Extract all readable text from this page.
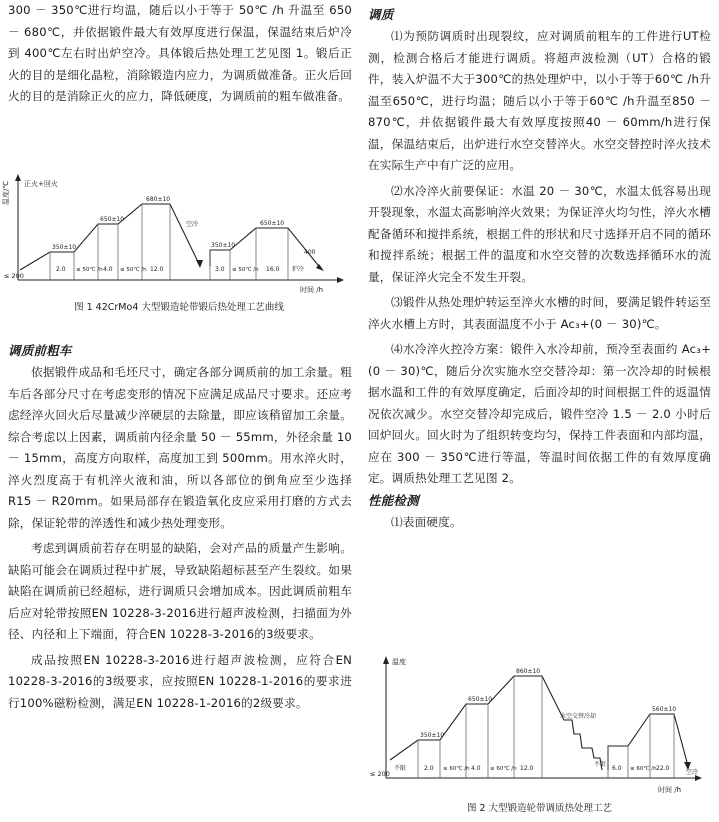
300 － 350℃进行均温，随后以小于等于 50℃ /h 升温至 650 － 680℃，并依据锻件最大有效厚度进行保温，保温结束后炉冷到 400℃左右时出炉空冷。具体锻后热处理工艺见图 1。锻后正火的目的是细化晶粒，消除锻造内应力，为调质做准备。正火后回火的目的是消除正火的应力，降低硬度，为调质前的粗车做准备。

温度/℃ 正火+回火
时间 /h
≤ 200
350±10
650±10
680±10
350±10
650±10
400
空冷
2.0 ≤ 50℃ /h 4.0 ≤ 50℃ /h 12.0	3.0 ≤ 50℃ /h 16.0 炉冷
图 1 42CrMo4 大型锻造轮带锻后热处理工艺曲线

调质前粗车

依据锻件成品和毛坯尺寸，确定各部分调质前的加工余量。粗车后各部分尺寸在考虑变形的情况下应满足成品尺寸要求。还应考虑经淬火回火后尽量减少淬硬层的去除量，即应该稍留加工余量。综合考虑以上因素，调质前内径余量 50 － 55mm，外径余量 10 － 15mm，高度方向取样，高度加工到 500mm。用水淬火时，淬火烈度高于有机淬火液和油，所以各部位的倒角应至少选择 R15 － R20mm。如果局部存在锻造氧化皮应采用打磨的方式去除，保证轮带的淬透性和减少热处理变形。

考虑到调质前若存在明显的缺陷，会对产品的质量产生影响。缺陷可能会在调质过程中扩展，导致缺陷超标甚至产生裂纹。如果缺陷在调质前已经超标，进行调质只会增加成本。因此调质前粗车后应对轮带按照EN 10228-3-2016进行超声波检测，扫描面为外径、内径和上下端面，符合EN 10228-3-2016的3级要求。

成品按照EN 10228-3-2016进行超声波检测，应符合EN 10228-3-2016的3级要求，应按照EN 10228-1-2016的要求进行100%磁粉检测，满足EN 10228-1-2016的2级要求。

调质

⑴为预防调质时出现裂纹，应对调质前粗车的工件进行UT检测，检测合格后才能进行调质。将超声波检测（UT）合格的锻件，装入炉温不大于300℃的热处理炉中，以小于等于60℃ /h升温至650℃，进行均温；随后以小于等于60℃ /h升温至850 － 870℃，并依据锻件最大有效厚度按照40 － 60mm/h进行保温，保温结束后，出炉进行水空交替淬火。水空交替控时淬火技术在实际生产中有广泛的应用。

⑵水冷淬火前要保证：水温 20 － 30℃，水温太低容易出现开裂现象，水温太高影响淬火效果；为保证淬火均匀性，淬火水槽配备循环和搅拌系统，根据工件的形状和尺寸选择开启不同的循环和搅拌系统；根据工件的温度和水空交替的次数选择循环水的流量，保证淬火完全不发生开裂。

⑶锻件从热处理炉转运至淬火水槽的时间，要满足锻件转运至淬火水槽上方时，其表面温度不小于 Ac₃+(0 － 30)℃。

⑷水冷淬火控冷方案：锻件入水冷却前，预冷至表面约 Ac₃+(0 － 30)℃，随后分次实施水空交替冷却：第一次冷却的时候根据水温和工件的有效厚度确定，后面冷却的时间根据工件的返温情况依次减少。水空交替冷却完成后，锻件空冷 1.5 － 2.0 小时后回炉回火。回火时为了组织转变均匀，保持工件表面和内部均温，应在 300 － 350℃进行等温，等温时间依据工件的有效厚度确定。调质热处理工艺见图 2。

性能检测

⑴表面硬度。

温度
时间 /h
≤ 200
350±10
650±10
860±10
560±10
水空交替冷却
不限
空冷
不限	2.0 ≤ 60℃ /h 4.0 ≤ 60℃ /h 12.0	6.0 ≤ 60℃ /h 22.0
图 2 大型锻造轮带调质热处理工艺
